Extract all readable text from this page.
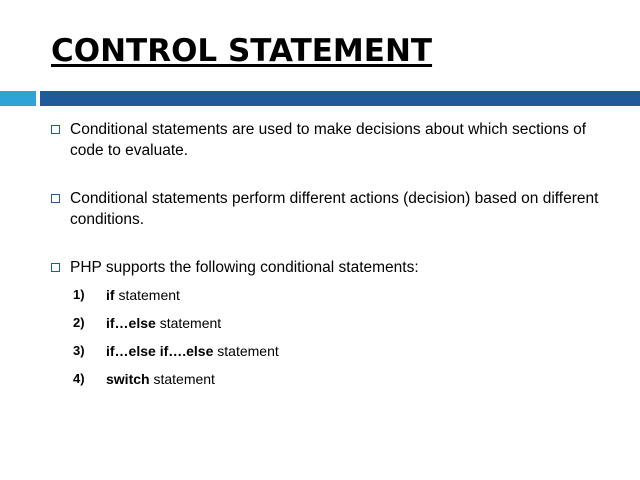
CONTROL STATEMENT
Conditional statements are used to make decisions about which sections of code to evaluate.
Conditional statements perform different actions (decision) based on different conditions.
PHP supports the following conditional statements:
1) if statement
2) if…else statement
3) if…else if….else statement
4) switch statement
